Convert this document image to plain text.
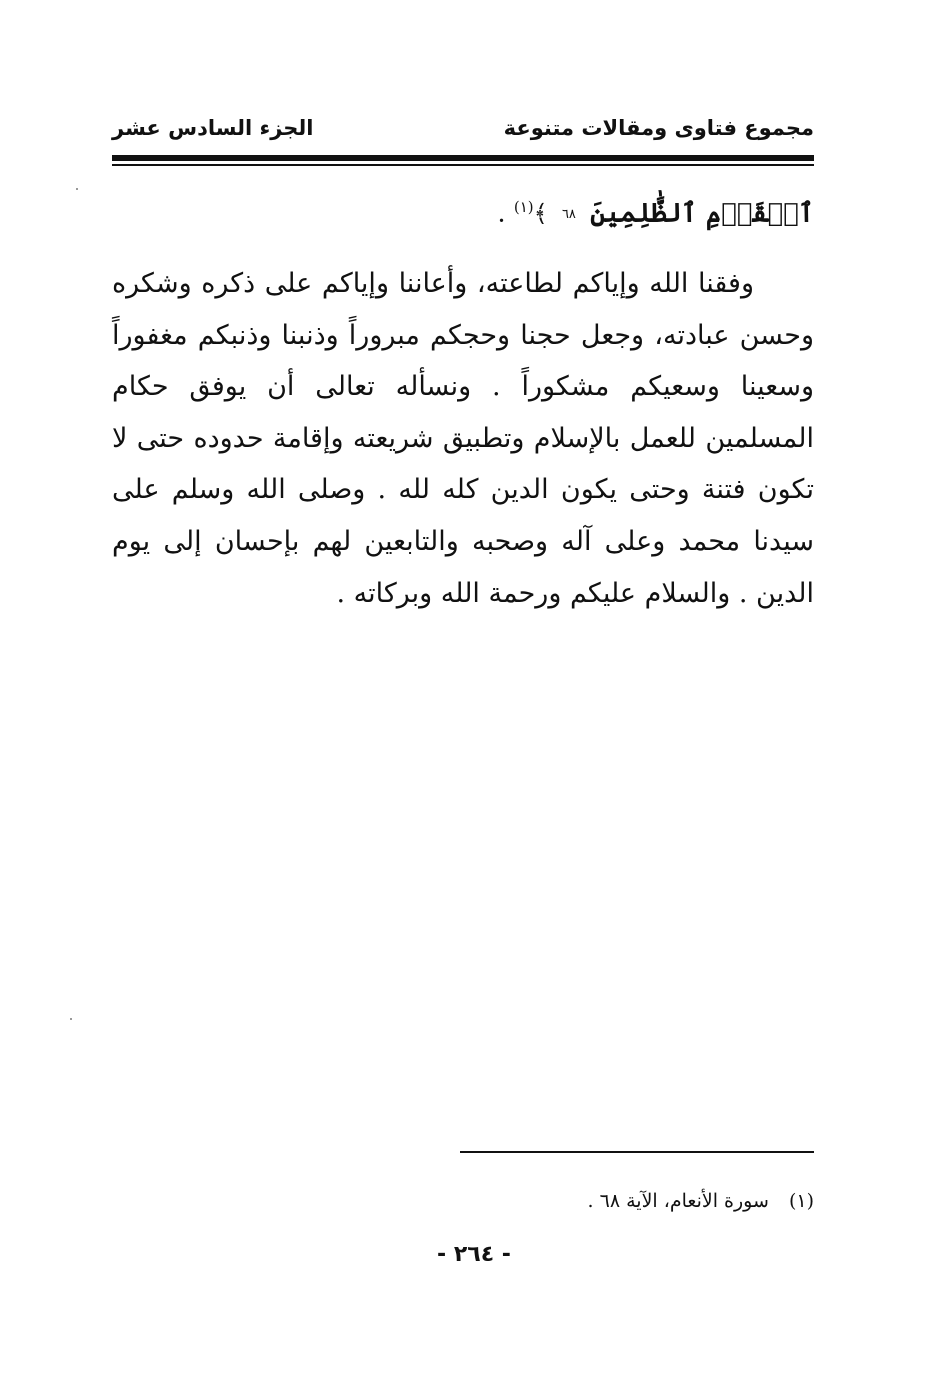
مجموع فتاوى ومقالات متنوعة
الجزء السادس عشر
ٱلۡقَوۡمِ ٱلظَّٰلِمِينَ ٦٨ ﴾$^{(١)}$ .
وفقنا الله وإياكم لطاعته، وأعاننا وإياكم على ذكره وشكره وحسن عبادته، وجعل حجنا وحجكم مبروراً وذنبنا وذنبكم مغفوراً وسعينا وسعيكم مشكوراً . ونسأله تعالى أن يوفق حكام المسلمين للعمل بالإسلام وتطبيق شريعته وإقامة حدوده حتى لا تكون فتنة وحتى يكون الدين كله لله . وصلى الله وسلم على سيدنا محمد وعلى آله وصحبه والتابعين لهم بإحسان إلى يوم الدين . والسلام عليكم ورحمة الله وبركاته .
(١) سورة الأنعام، الآية ٦٨ .
- ٢٦٤ -
